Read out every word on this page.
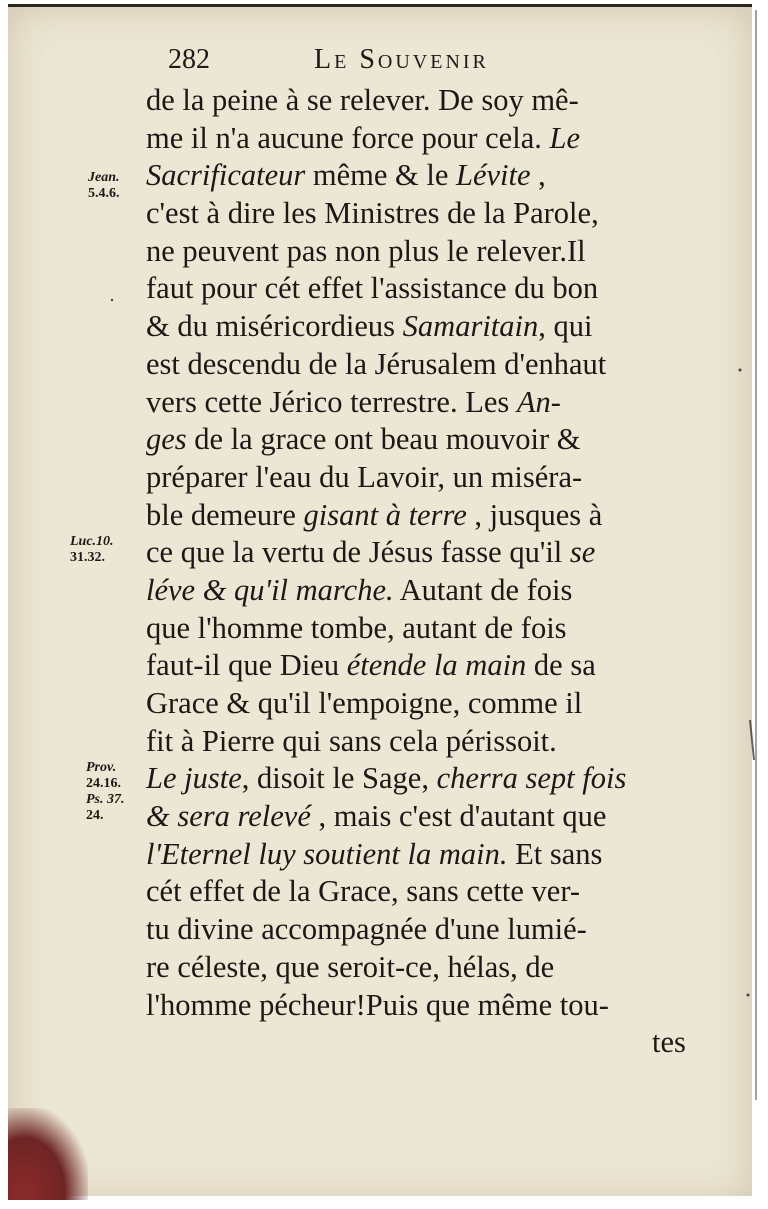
282	Le Souvenir
Jean.
5.4.6.
Luc.10.
31.32.
Prov.
24.16.
Ps. 37.
24.
de la peine à se relever. De soy mê-
me il n'a aucune force pour cela. Le
Sacrificateur même & le Lévite ,
c'est à dire les Ministres de la Parole,
ne peuvent pas non plus le relever.Il
faut pour cét effet l'assistance du bon
& du miséricordieus Samaritain, qui
est descendu de la Jérusalem d'enhaut
vers cette Jérico terrestre. Les An-
ges de la grace ont beau mouvoir &
préparer l'eau du Lavoir, un miséra-
ble demeure gisant à terre , jusques à
ce que la vertu de Jésus fasse qu'il se
léve & qu'il marche. Autant de fois
que l'homme tombe, autant de fois
faut-il que Dieu étende la main de sa
Grace & qu'il l'empoigne, comme il
fit à Pierre qui sans cela périssoit.
Le juste, disoit le Sage, cherra sept fois
& sera relevé , mais c'est d'autant que
l'Eternel luy soutient la main. Et sans
cét effet de la Grace, sans cette ver-
tu divine accompagnée d'une lumié-
re céleste, que seroit-ce, hélas, de
l'homme pécheur!Puis que même tou-
tes
